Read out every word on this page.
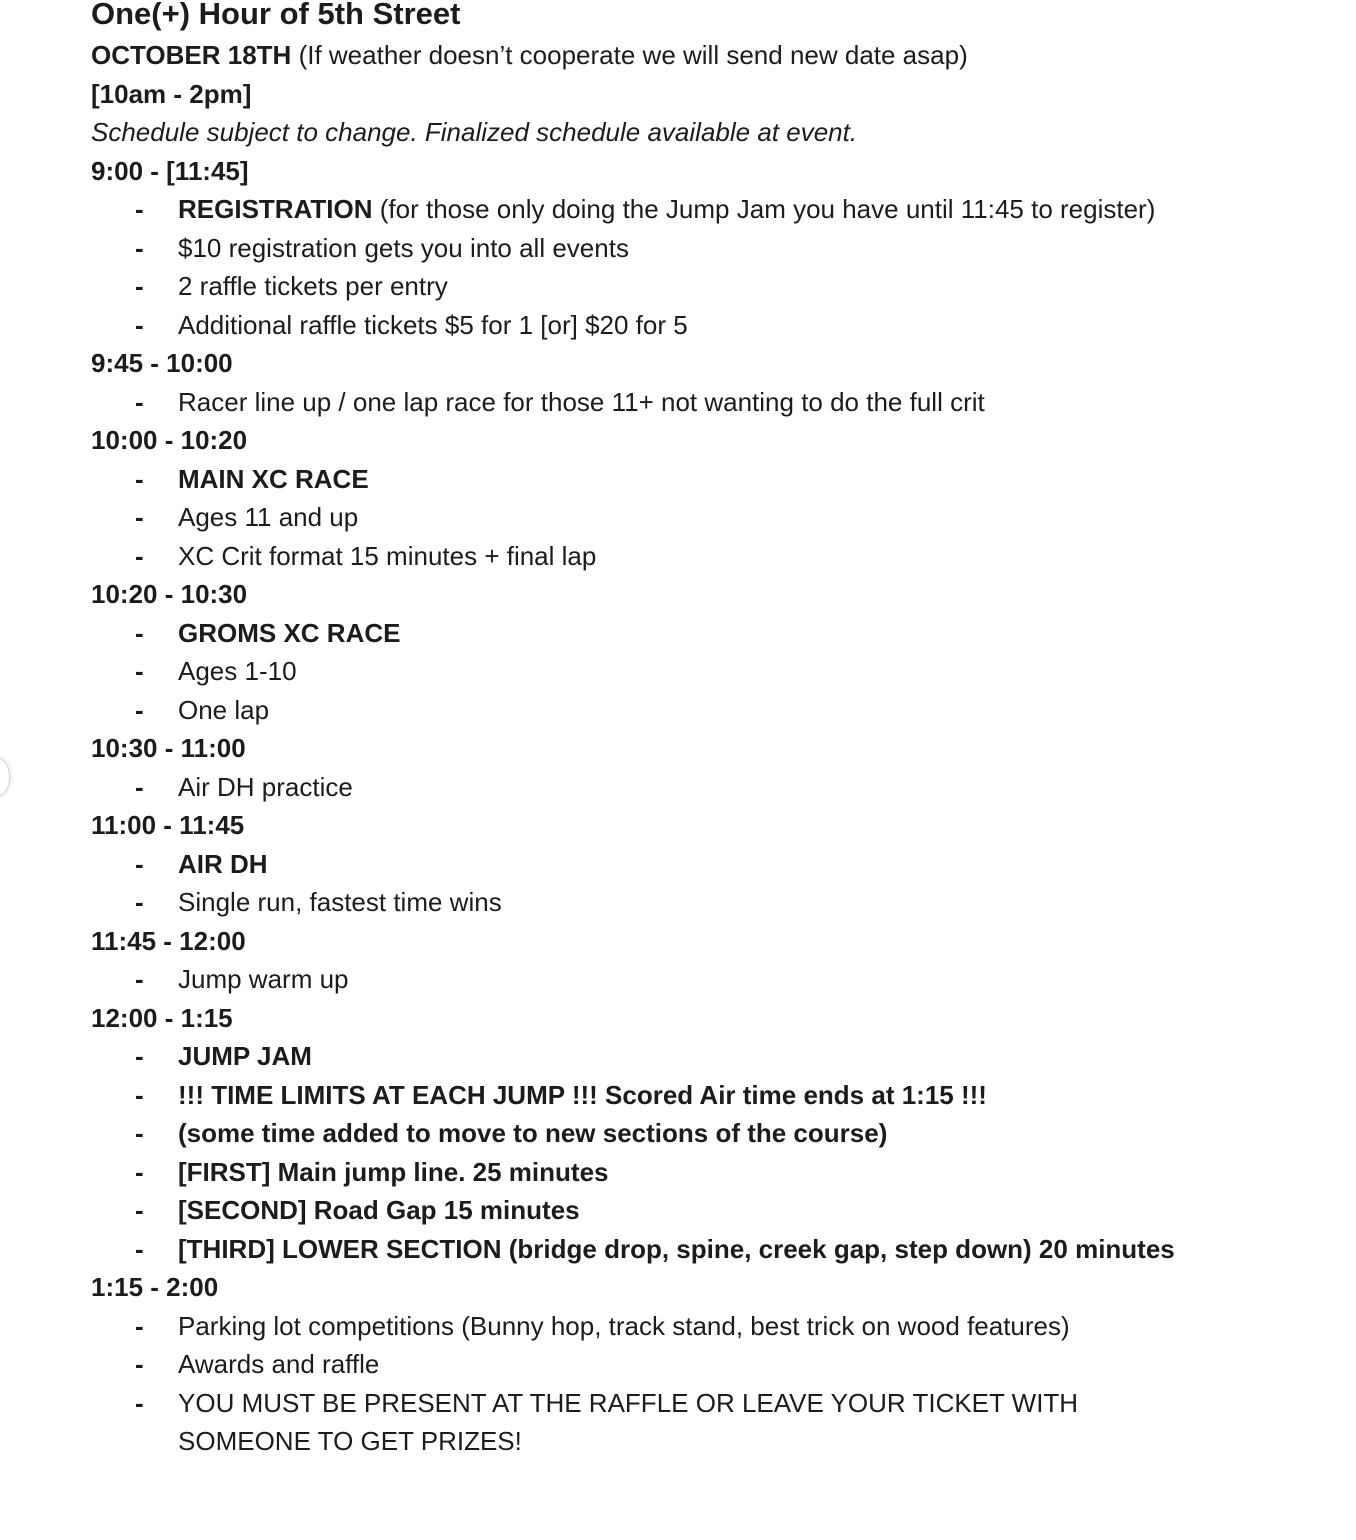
One(+) Hour of 5th Street
OCTOBER 18TH (If weather doesn’t cooperate we will send new date asap)
[10am - 2pm]
Schedule subject to change. Finalized schedule available at event.
9:00 - [11:45]
- REGISTRATION (for those only doing the Jump Jam you have until 11:45 to register)
- $10 registration gets you into all events
- 2 raffle tickets per entry
- Additional raffle tickets $5 for 1 [or] $20 for 5
9:45 - 10:00
- Racer line up / one lap race for those 11+ not wanting to do the full crit
10:00 - 10:20
- MAIN XC RACE
- Ages 11 and up
- XC Crit format 15 minutes + final lap
10:20 - 10:30
- GROMS XC RACE
- Ages 1-10
- One lap
10:30 - 11:00
- Air DH practice
11:00 - 11:45
- AIR DH
- Single run, fastest time wins
11:45 - 12:00
- Jump warm up
12:00 - 1:15
- JUMP JAM
- !!! TIME LIMITS AT EACH JUMP !!! Scored Air time ends at 1:15 !!!
- (some time added to move to new sections of the course)
- [FIRST] Main jump line. 25 minutes
- [SECOND] Road Gap 15 minutes
- [THIRD] LOWER SECTION (bridge drop, spine, creek gap, step down) 20 minutes
1:15 - 2:00
- Parking lot competitions (Bunny hop, track stand, best trick on wood features)
- Awards and raffle
- YOU MUST BE PRESENT AT THE RAFFLE OR LEAVE YOUR TICKET WITH SOMEONE TO GET PRIZES!
